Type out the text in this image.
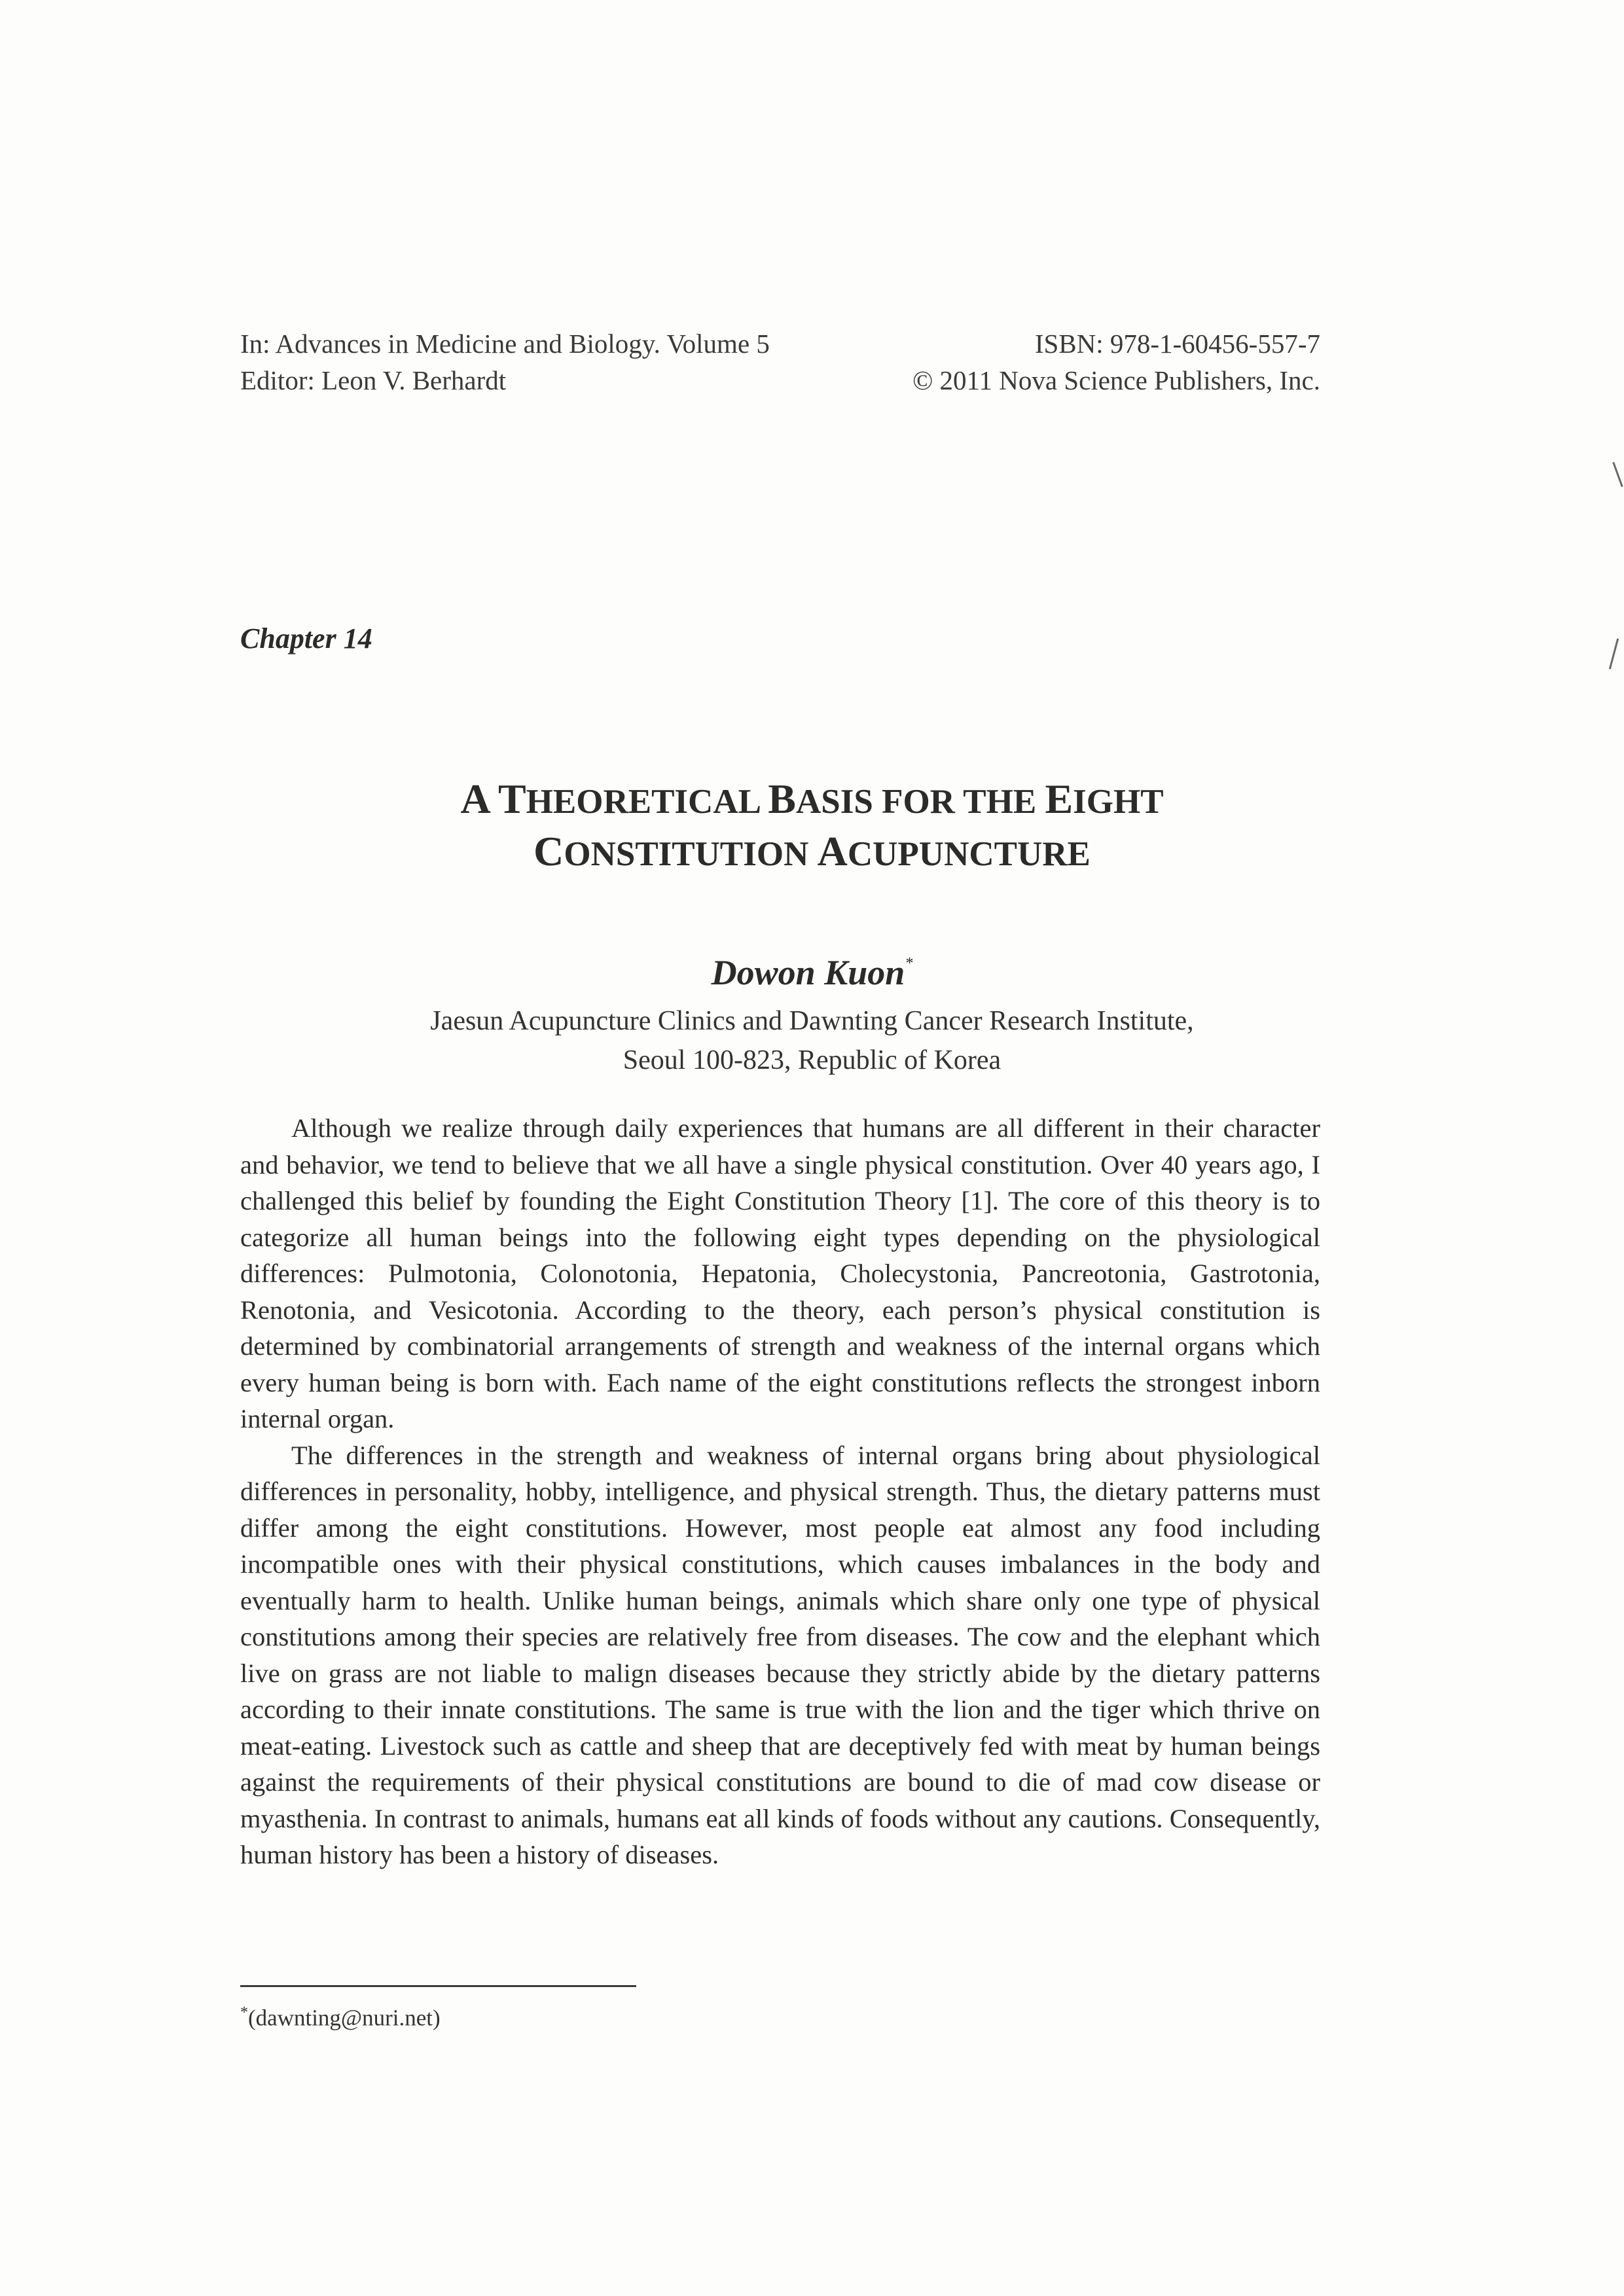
In: Advances in Medicine and Biology. Volume 5
Editor: Leon V. Berhardt
ISBN: 978-1-60456-557-7
© 2011 Nova Science Publishers, Inc.
Chapter 14
A THEORETICAL BASIS FOR THE EIGHT
CONSTITUTION ACUPUNCTURE
Dowon Kuon*
Jaesun Acupuncture Clinics and Dawnting Cancer Research Institute,
Seoul 100-823, Republic of Korea

Although we realize through daily experiences that humans are all different in their character and behavior, we tend to believe that we all have a single physical constitution. Over 40 years ago, I challenged this belief by founding the Eight Constitution Theory [1]. The core of this theory is to categorize all human beings into the following eight types depending on the physiological differences: Pulmotonia, Colonotonia, Hepatonia, Cholecystonia, Pancreotonia, Gastrotonia, Renotonia, and Vesicotonia. According to the theory, each person’s physical constitution is determined by combinatorial arrangements of strength and weakness of the internal organs which every human being is born with. Each name of the eight constitutions reflects the strongest inborn internal organ.

The differences in the strength and weakness of internal organs bring about physiological differences in personality, hobby, intelligence, and physical strength. Thus, the dietary patterns must differ among the eight constitutions. However, most people eat almost any food including incompatible ones with their physical constitutions, which causes imbalances in the body and eventually harm to health. Unlike human beings, animals which share only one type of physical constitutions among their species are relatively free from diseases. The cow and the elephant which live on grass are not liable to malign diseases because they strictly abide by the dietary patterns according to their innate constitutions. The same is true with the lion and the tiger which thrive on meat-eating. Livestock such as cattle and sheep that are deceptively fed with meat by human beings against the requirements of their physical constitutions are bound to die of mad cow disease or myasthenia. In contrast to animals, humans eat all kinds of foods without any cautions. Consequently, human history has been a history of diseases.

*(dawnting@nuri.net)
